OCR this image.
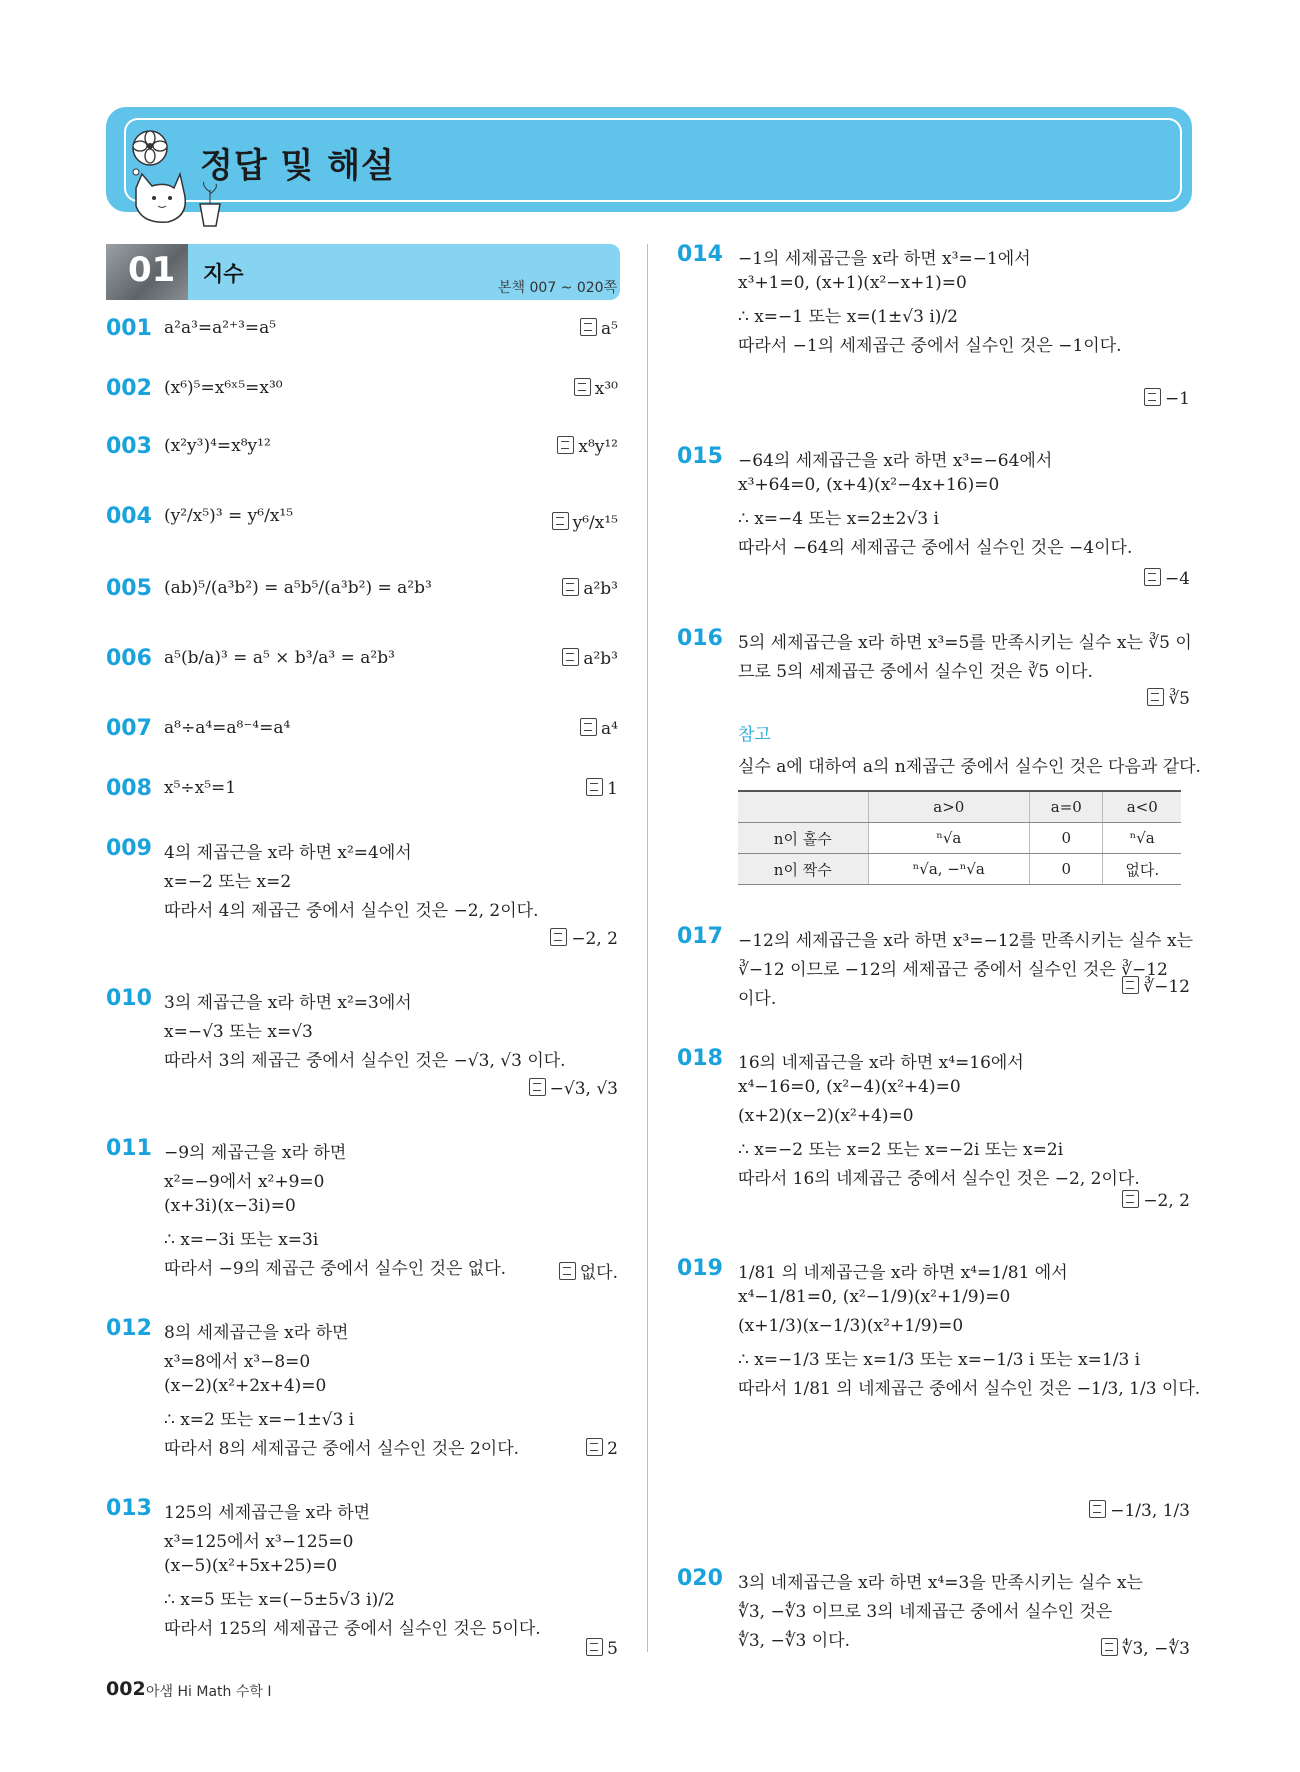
정답 및 해설
01 지수
본책 007 ~ 020쪽
001 a²a³=a²⁺³=a⁵	a⁵
002 (x⁶)⁵=x⁶ˣ⁵=x³⁰	x³⁰
003 (x²y³)⁴=x⁸y¹²	x⁸y¹²
004 (y²/x⁵)³ = y⁶/x¹⁵	y⁶/x¹⁵
005 (ab)⁵/(a³b²) = a⁵b⁵/(a³b²) = a²b³	a²b³
006 a⁵(b/a)³ = a⁵ × b³/a³ = a²b³	a²b³
007 a⁸÷a⁴=a⁸⁻⁴=a⁴	a⁴
008 x⁵÷x⁵=1	1
009 4의 제곱근을 x라 하면 x²=4에서
x=−2 또는 x=2
따라서 4의 제곱근 중에서 실수인 것은 −2, 2이다.
−2, 2
010 3의 제곱근을 x라 하면 x²=3에서
x=−√3 또는 x=√3
따라서 3의 제곱근 중에서 실수인 것은 −√3, √3 이다.
−√3, √3
011 −9의 제곱근을 x라 하면
x²=−9에서 x²+9=0
(x+3i)(x−3i)=0
∴ x=−3i 또는 x=3i
따라서 −9의 제곱근 중에서 실수인 것은 없다.	없다.
012 8의 세제곱근을 x라 하면
x³=8에서 x³−8=0
(x−2)(x²+2x+4)=0
∴ x=2 또는 x=−1±√3 i
따라서 8의 세제곱근 중에서 실수인 것은 2이다.	2
013 125의 세제곱근을 x라 하면
x³=125에서 x³−125=0
(x−5)(x²+5x+25)=0
∴ x=5 또는 x=(−5±5√3 i)/2
따라서 125의 세제곱근 중에서 실수인 것은 5이다.
5
014 −1의 세제곱근을 x라 하면 x³=−1에서
x³+1=0, (x+1)(x²−x+1)=0
∴ x=−1 또는 x=(1±√3 i)/2
따라서 −1의 세제곱근 중에서 실수인 것은 −1이다.
−1
015 −64의 세제곱근을 x라 하면 x³=−64에서
x³+64=0, (x+4)(x²−4x+16)=0
∴ x=−4 또는 x=2±2√3 i
따라서 −64의 세제곱근 중에서 실수인 것은 −4이다.
−4
016 5의 세제곱근을 x라 하면 x³=5를 만족시키는 실수 x는 ∛5 이
므로 5의 세제곱근 중에서 실수인 것은 ∛5 이다.
∛5
017 −12의 세제곱근을 x라 하면 x³=−12를 만족시키는 실수 x는
∛−12 이므로 −12의 세제곱근 중에서 실수인 것은 ∛−12
이다.
∛−12
018 16의 네제곱근을 x라 하면 x⁴=16에서
x⁴−16=0, (x²−4)(x²+4)=0
(x+2)(x−2)(x²+4)=0
∴ x=−2 또는 x=2 또는 x=−2i 또는 x=2i
따라서 16의 네제곱근 중에서 실수인 것은 −2, 2이다.
−2, 2
019 1/81 의 네제곱근을 x라 하면 x⁴=1/81 에서
x⁴−1/81=0, (x²−1/9)(x²+1/9)=0
(x+1/3)(x−1/3)(x²+1/9)=0
∴ x=−1/3 또는 x=1/3 또는 x=−1/3 i 또는 x=1/3 i
따라서 1/81 의 네제곱근 중에서 실수인 것은 −1/3, 1/3 이다.
−1/3, 1/3
020 3의 네제곱근을 x라 하면 x⁴=3을 만족시키는 실수 x는
∜3, −∜3 이므로 3의 네제곱근 중에서 실수인 것은
∜3, −∜3 이다.	∜3, −∜3
참고
실수 a에 대하여 a의 n제곱근 중에서 실수인 것은 다음과 같다.
	a>0	a=0	a<0
n이 홀수	ⁿ√a	0	ⁿ√a
n이 짝수	ⁿ√a, −ⁿ√a	0	없다.
002 아샘 Hi Math 수학 I
